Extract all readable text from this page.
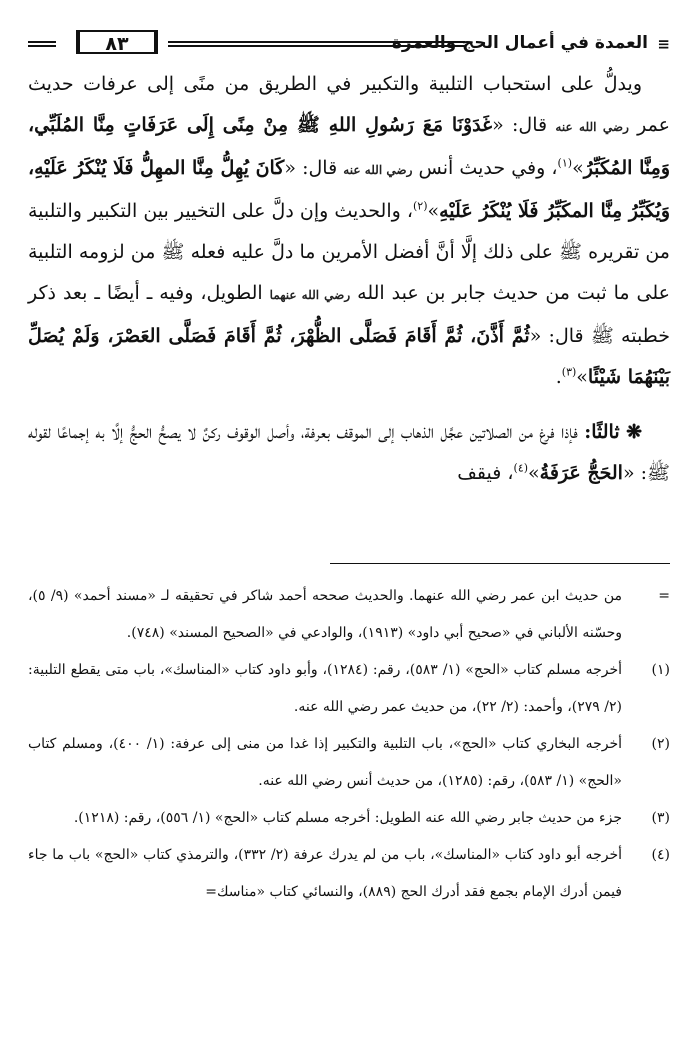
≡
العمدة في أعمال الحج والعمرة
٨٣

ويدلُّ على استحباب التلبية والتكبير في الطريق من منًى إلى عرفات حديث عمر رضي الله عنه قال: «غَدَوْنَا مَعَ رَسُولِ اللهِ ﷺ مِنْ مِنًى إِلَى عَرَفَاتٍ مِنَّا المُلَبِّي، وَمِنَّا المُكَبِّرُ»$^{(١)}$، وفي حديث أنس رضي الله عنه قال: «كَانَ يُهِلُّ مِنَّا المهِلُّ فَلَا يُنْكَرُ عَلَيْهِ، وَيُكَبِّرُ مِنَّا المكَبِّرُ فَلَا يُنْكَرُ عَلَيْهِ»$^{(٢)}$، والحديث وإن دلَّ على التخيير بين التكبير والتلبية من تقريره ﷺ على ذلك إلَّا أنَّ أفضل الأمرين ما دلَّ عليه فعله ﷺ من لزومه التلبية على ما ثبت من حديث جابر بن عبد الله رضي الله عنهما الطويل، وفيه ـ أيضًا ـ بعد ذكر خطبته ﷺ قال: «ثُمَّ أَذَّنَ، ثُمَّ أَقَامَ فَصَلَّى الظُّهْرَ، ثُمَّ أَقَامَ فَصَلَّى العَصْرَ، وَلَمْ يُصَلِّ بَيْنَهُمَا شَيْئًا»$^{(٣)}$.

❋ ثالثًا: فإذا فرغ من الصلاتين عجَّل الذهاب إلى الموقف بعرفة، وأصل الوقوف ركنٌ لا يصحُّ الحجُّ إلَّا به إجماعًا لقوله ﷺ: «الحَجُّ عَرَفَةُ»$^{(٤)}$، فيقف

=
من حديث ابن عمر رضي الله عنهما. والحديث صححه أحمد شاكر في تحقيقه لـ «مسند أحمد» (٩/ ٥)، وحسّنه الألباني في «صحيح أبي داود» (١٩١٣)، والوادعي في «الصحيح المسند» (٧٤٨).
(١)
أخرجه مسلم كتاب «الحج» (١/ ٥٨٣)، رقم: (١٢٨٤)، وأبو داود كتاب «المناسك»، باب متى يقطع التلبية: (٢/ ٢٧٩)، وأحمد: (٢/ ٢٢)، من حديث عمر رضي الله عنه.
(٢)
أخرجه البخاري كتاب «الحج»، باب التلبية والتكبير إذا غدا من منى إلى عرفة: (١/ ٤٠٠)، ومسلم كتاب «الحج» (١/ ٥٨٣)، رقم: (١٢٨٥)، من حديث أنس رضي الله عنه.
(٣)
جزء من حديث جابر رضي الله عنه الطويل: أخرجه مسلم كتاب «الحج» (١/ ٥٥٦)، رقم: (١٢١٨).
(٤)
أخرجه أبو داود كتاب «المناسك»، باب من لم يدرك عرفة (٢/ ٣٣٢)، والترمذي كتاب «الحج» باب ما جاء فيمن أدرك الإمام بجمع فقد أدرك الحج (٨٨٩)، والنسائي كتاب «مناسك=
